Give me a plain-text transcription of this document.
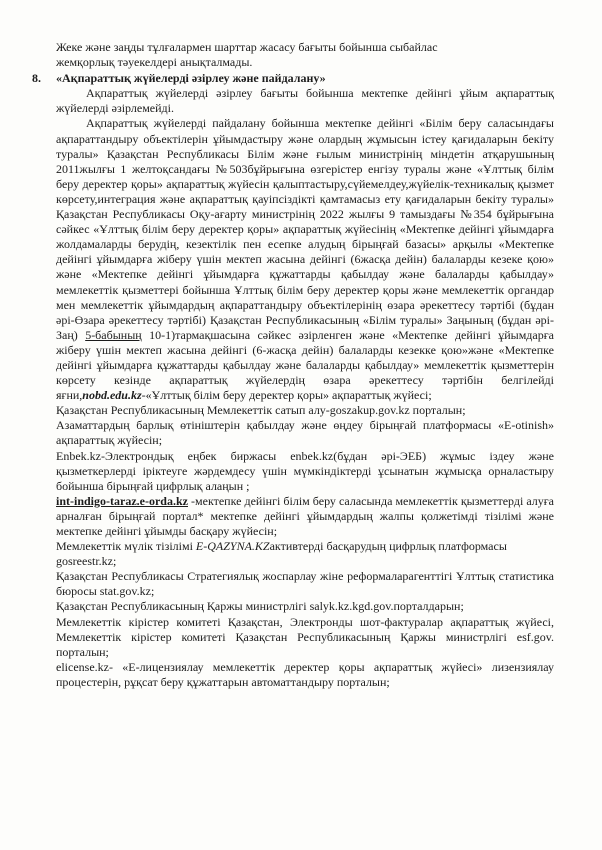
Жеке және заңды тұлғалармен шарттар жасасу бағыты бойынша сыбайлас

жемқорлық тәуекелдері анықталмады.

8. «Ақпараттық жүйелерді әзірлеу және пайдалану»

Ақпараттық жүйелерді әзірлеу бағыты бойынша мектепке дейінгі ұйым ақпараттық жүйелерді әзірлемейді.

Ақпараттық жүйелерді пайдалану бойынша мектепке дейінгі «Білім беру саласындағы ақпараттандыру объектілерін ұйымдастыру және олардың жұмысын істеу қағидаларын бекіту туралы» Қазақстан Республикасы Білім және ғылым министрінің міндетін атқарушының 2011жылғы 1 желтоқсандағы №503бұйрығына өзгерістер енгізу туралы және «Ұлттық білім беру деректер қоры» ақпараттық жүйесін қалыптастыру,сүйемелдеу,жүйелік-техникалық қызмет көрсету,интеграция және ақпараттық қауіпсіздікті қамтамасыз ету қағидаларын бекіту туралы» Қазақстан Республикасы Оқу-ағарту министрінің 2022 жылғы 9 тамыздағы №354 бұйрығына сәйкес «Ұлттық білім беру деректер қоры» ақпараттық жүйесінің «Мектепке дейінгі ұйымдарға жолдамаларды берудің, кезектілік пен есепке алудың бірыңғай базасы» арқылы «Мектепке дейінгі ұйымдарға жіберу үшін мектеп жасына дейінгі (6жасқа дейін) балаларды кезеке қою» және «Мектепке дейінгі ұйымдарға құжаттарды қабылдау және балаларды қабылдау» мемлекеттік қызметтері бойынша Ұлттық білім беру деректер қоры және мемлекеттік органдар мен мемлекеттік ұйымдардың ақпараттандыру объектілерінің өзара әрекеттесу тәртібі (бұдан әрі-Өзара әрекеттесу тәртібі) Қазақстан Республикасының «Білім туралы» Заңының (бұдан әрі-Заң) 5-бабының 10-1)тармақшасына сәйкес әзірленген және «Мектепке дейінгі ұйымдарға жіберу үшін мектеп жасына дейінгі (6-жасқа дейін) балаларды кезекке қою»және «Мектепке дейінгі ұйымдарға құжаттарды қабылдау және балаларды қабылдау» мемлекеттік қызметтерін көрсету кезінде ақпараттық жүйелердің өзара әрекеттесу тәртібін белгілейді яғни,nobd.edu.kz-«Ұлттық білім беру деректер қоры» ақпараттық жүйесі;

Қазақстан Республикасының Мемлекеттік сатып алу-goszakup.gov.kz порталын;

Азаматтардың барлық өтініштерін қабылдау және өңдеу бірыңғай платформасы «E-otinish» ақпараттық жүйесін;

Enbek.kz-Электрондық еңбек биржасы enbek.kz(бұдан әрі-ЭЕБ) жұмыс іздеу және қызметкерлерді іріктеуге жәрдемдесу үшін мүмкіндіктерді ұсынатын жұмысқа орналастыру бойынша бірыңғай цифрлық алаңын ;

int-indigo-taraz.e-orda.kz -мектепке дейінгі білім беру саласында мемлекеттік қызметтерді алуға арналған бірыңғай портал* мектепке дейінгі ұйымдардың жалпы қолжетімді тізілімі және мектепке дейінгі ұйымды басқару жүйесін;

Мемлекеттік мүлік тізілімі E-QAZYNA.KZактивтерді басқарудың цифрлық платформасы gosreestr.kz;

Қазақстан Республикасы Стратегиялық жоспарлау жіне реформаларагенттігі Ұлттық статистика бюросы stat.gov.kz;

Қазақстан Республикасының Қаржы министрлігі salyk.kz.kgd.gov.порталдарын;

Мемлекеттік кірістер комитеті Қазақстан, Электронды шот-фактуралар ақпараттық жүйесі, Мемлекеттік кірістер комитеті Қазақстан Республикасының Қаржы министрлігі esf.gov. порталын;

elicense.kz- «Е-лицензиялау мемлекеттік деректер қоры ақпараттық жүйесі» лизензиялау процестерін, рұқсат беру құжаттарын автоматтандыру порталын;
